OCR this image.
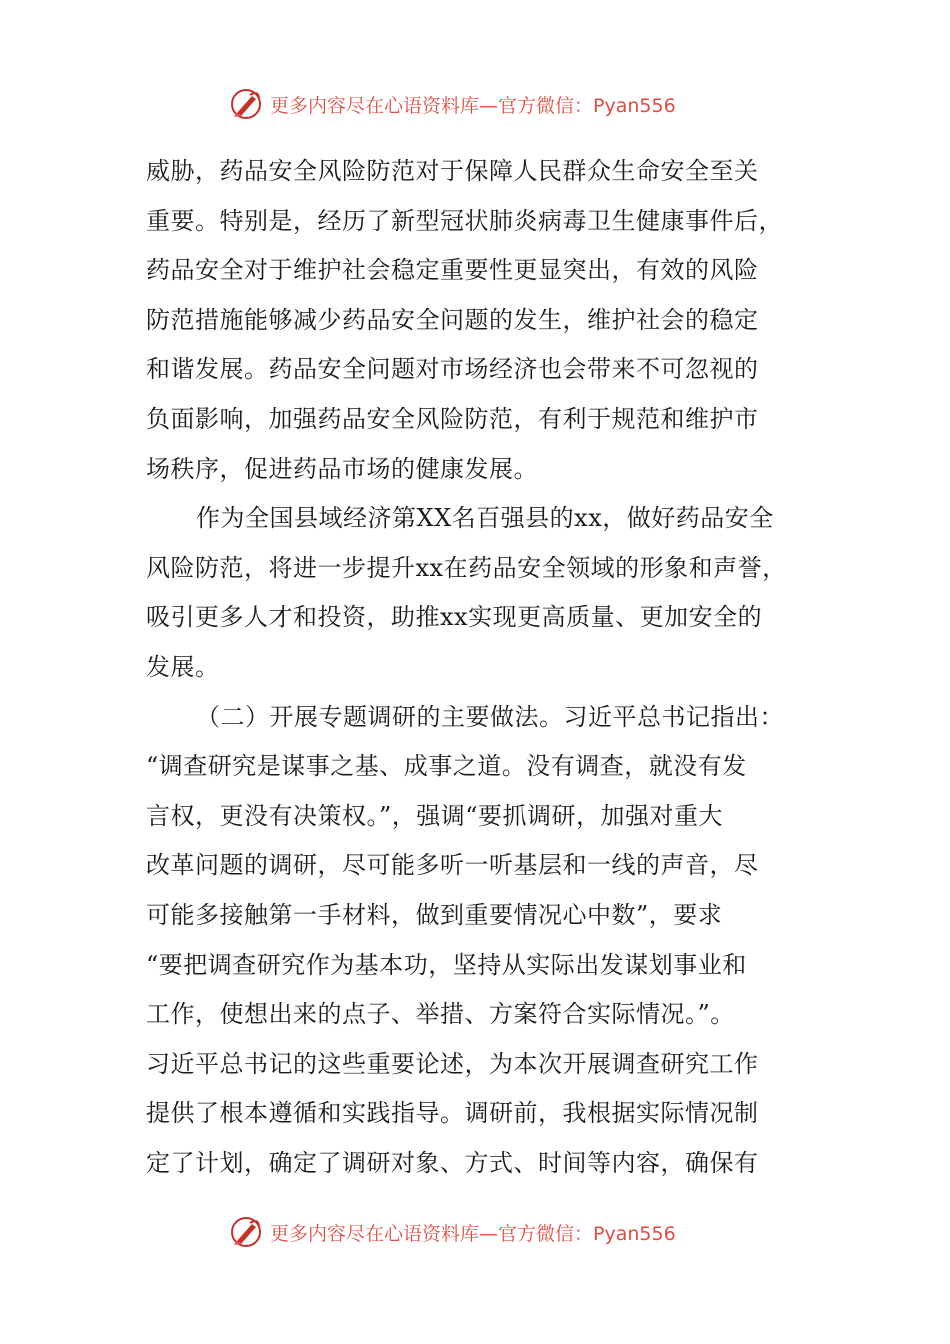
更多内容尽在心语资料库—官方微信：Pyan556
威胁，药品安全风险防范对于保障人民群众生命安全至关
重要。特别是，经历了新型冠状肺炎病毒卫生健康事件后，
药品安全对于维护社会稳定重要性更显突出，有效的风险
防范措施能够减少药品安全问题的发生，维护社会的稳定
和谐发展。药品安全问题对市场经济也会带来不可忽视的
负面影响，加强药品安全风险防范，有利于规范和维护市
场秩序，促进药品市场的健康发展。
作为全国县域经济第XX名百强县的xx，做好药品安全
风险防范，将进一步提升xx在药品安全领域的形象和声誉，
吸引更多人才和投资，助推xx实现更高质量、更加安全的
发展。
（二）开展专题调研的主要做法。习近平总书记指出：
“调查研究是谋事之基、成事之道。没有调查，就没有发
言权，更没有决策权。”，强调“要抓调研，加强对重大
改革问题的调研，尽可能多听一听基层和一线的声音，尽
可能多接触第一手材料，做到重要情况心中数”，要求
“要把调查研究作为基本功，坚持从实际出发谋划事业和
工作，使想出来的点子、举措、方案符合实际情况。”。
习近平总书记的这些重要论述，为本次开展调查研究工作
提供了根本遵循和实践指导。调研前，我根据实际情况制
定了计划，确定了调研对象、方式、时间等内容，确保有
更多内容尽在心语资料库—官方微信：Pyan556
